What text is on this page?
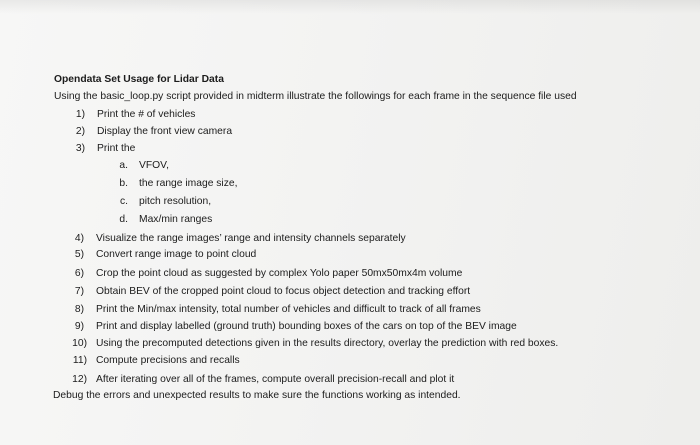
Opendata Set Usage for Lidar Data
Using the basic_loop.py script provided in midterm illustrate the followings for each frame in the sequence file used
1) Print the # of vehicles
2) Display the front view camera
3) Print the
a. VFOV,
b. the range image size,
c. pitch resolution,
d. Max/min ranges
4) Visualize the range images’ range and intensity channels separately
5) Convert range image to point cloud
6) Crop the point cloud as suggested by complex Yolo paper 50mx50mx4m volume
7) Obtain BEV of the cropped point cloud to focus object detection and tracking effort
8) Print the Min/max intensity, total number of vehicles and difficult to track of all frames
9) Print and display labelled (ground truth) bounding boxes of the cars on top of the BEV image
10) Using the precomputed detections given in the results directory, overlay the prediction with red boxes.
11) Compute precisions and recalls
12) After iterating over all of the frames, compute overall precision-recall and plot it
Debug the errors and unexpected results to make sure the functions working as intended.
